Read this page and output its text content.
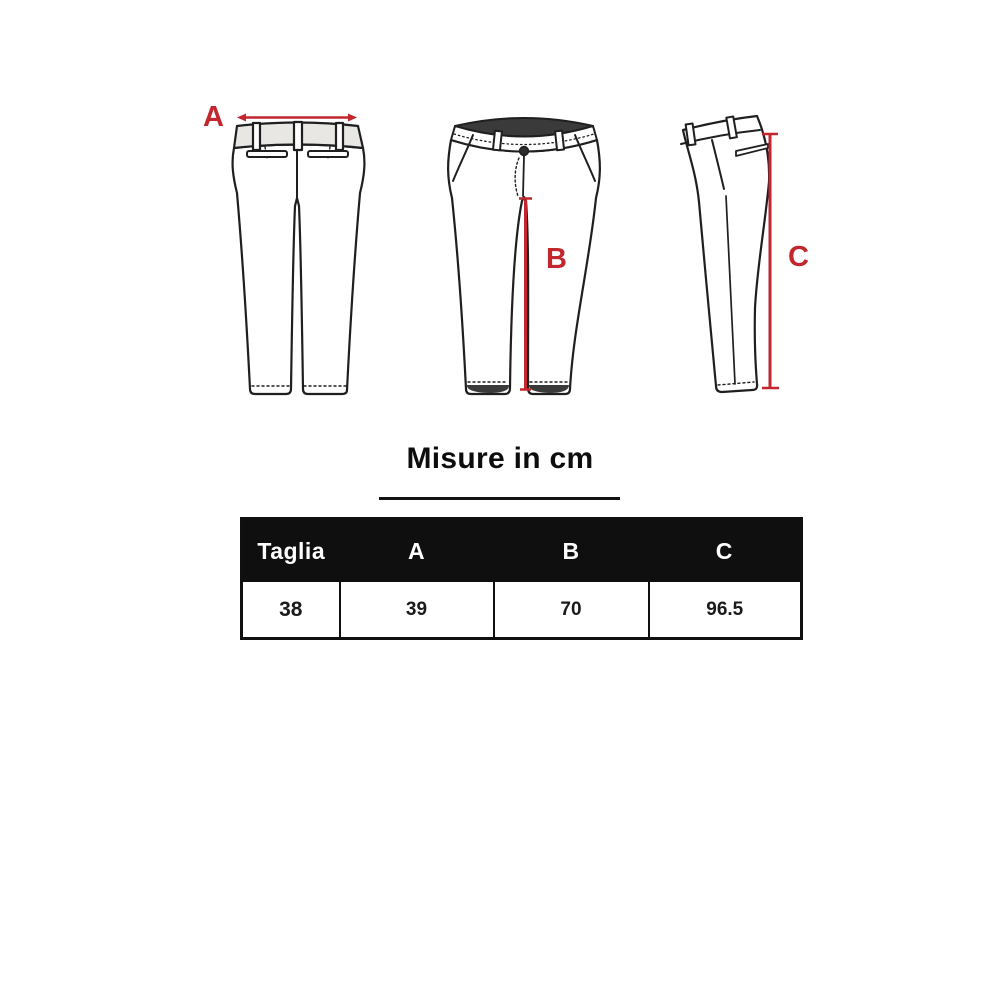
A
B	C
Misure in cm
Taglia	A	B	C
38	39	70	96.5
